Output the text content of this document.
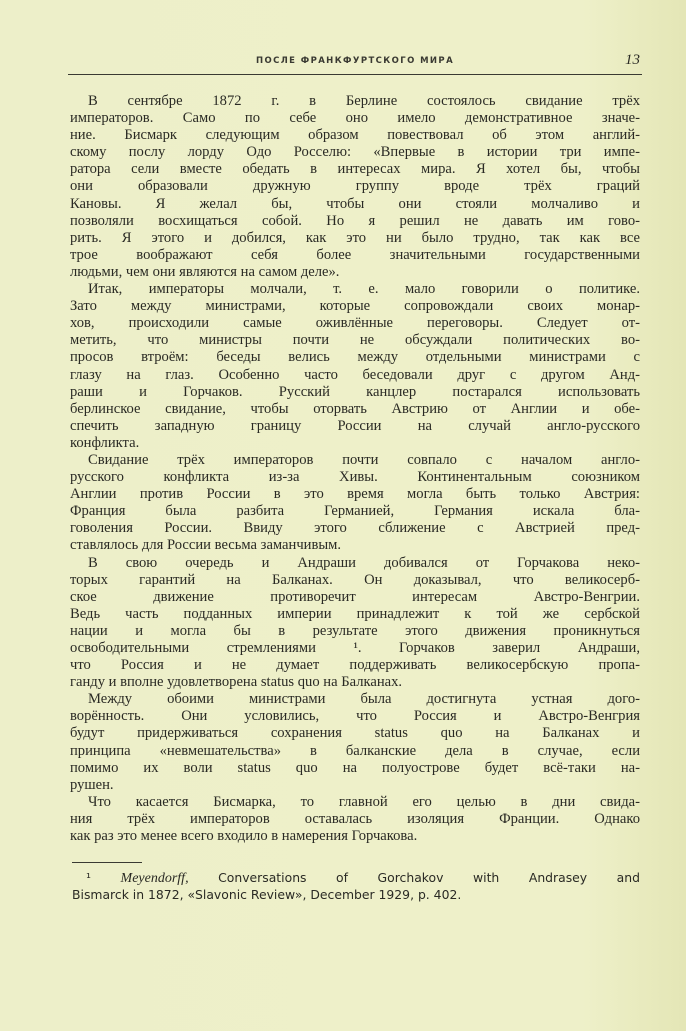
ПОСЛЕ ФРАНКФУРТСКОГО МИРА	13
В сентябре 1872 г. в Берлине состоялось свидание трёх
императоров. Само по себе оно имело демонстративное значе-
ние. Бисмарк следующим образом повествовал об этом англий-
скому послу лорду Одо Росселю: «Впервые в истории три импе-
ратора сели вместе обедать в интересах мира. Я хотел бы, чтобы
они образовали дружную группу вроде трёх граций
Кановы. Я желал бы, чтобы они стояли молчаливо и
позволяли восхищаться собой. Но я решил не давать им гово-
рить. Я этого и добился, как это ни было трудно, так как все
трое воображают себя более значительными государственными
людьми, чем они являются на самом деле».
Итак, императоры молчали, т. е. мало говорили о политике.
Зато между министрами, которые сопровождали своих монар-
хов, происходили самые оживлённые переговоры. Следует от-
метить, что министры почти не обсуждали политических во-
просов втроём: беседы велись между отдельными министрами с
глазу на глаз. Особенно часто беседовали друг с другом Анд-
раши и Горчаков. Русский канцлер постарался использовать
берлинское свидание, чтобы оторвать Австрию от Англии и обе-
спечить западную границу России на случай англо-русского
конфликта.
Свидание трёх императоров почти совпало с началом англо-
русского конфликта из-за Хивы. Континентальным союзником
Англии против России в это время могла быть только Австрия:
Франция была разбита Германией, Германия искала бла-
говоления России. Ввиду этого сближение с Австрией пред-
ставлялось для России весьма заманчивым.
В свою очередь и Андраши добивался от Горчакова неко-
торых гарантий на Балканах. Он доказывал, что великосерб-
ское движение противоречит интересам Австро-Венгрии.
Ведь часть подданных империи принадлежит к той же сербской
нации и могла бы в результате этого движения проникнуться
освободительными стремлениями ¹. Горчаков заверил Андраши,
что Россия и не думает поддерживать великосербскую пропа-
ганду и вполне удовлетворена status quo на Балканах.
Между обоими министрами была достигнута устная дого-
ворённость. Они условились, что Россия и Австро-Венгрия
будут придерживаться сохранения status quo на Балканах и
принципа «невмешательства» в балканские дела в случае, если
помимо их воли status quo на полуострове будет всё-таки на-
рушен.
Что касается Бисмарка, то главной его целью в дни свида-
ния трёх императоров оставалась изоляция Франции. Однако
как раз это менее всего входило в намерения Горчакова.
¹ Meyendorff, Conversations of Gorchakov with Andrasey and
Bismarck in 1872, «Slavonic Review», December 1929, p. 402.
